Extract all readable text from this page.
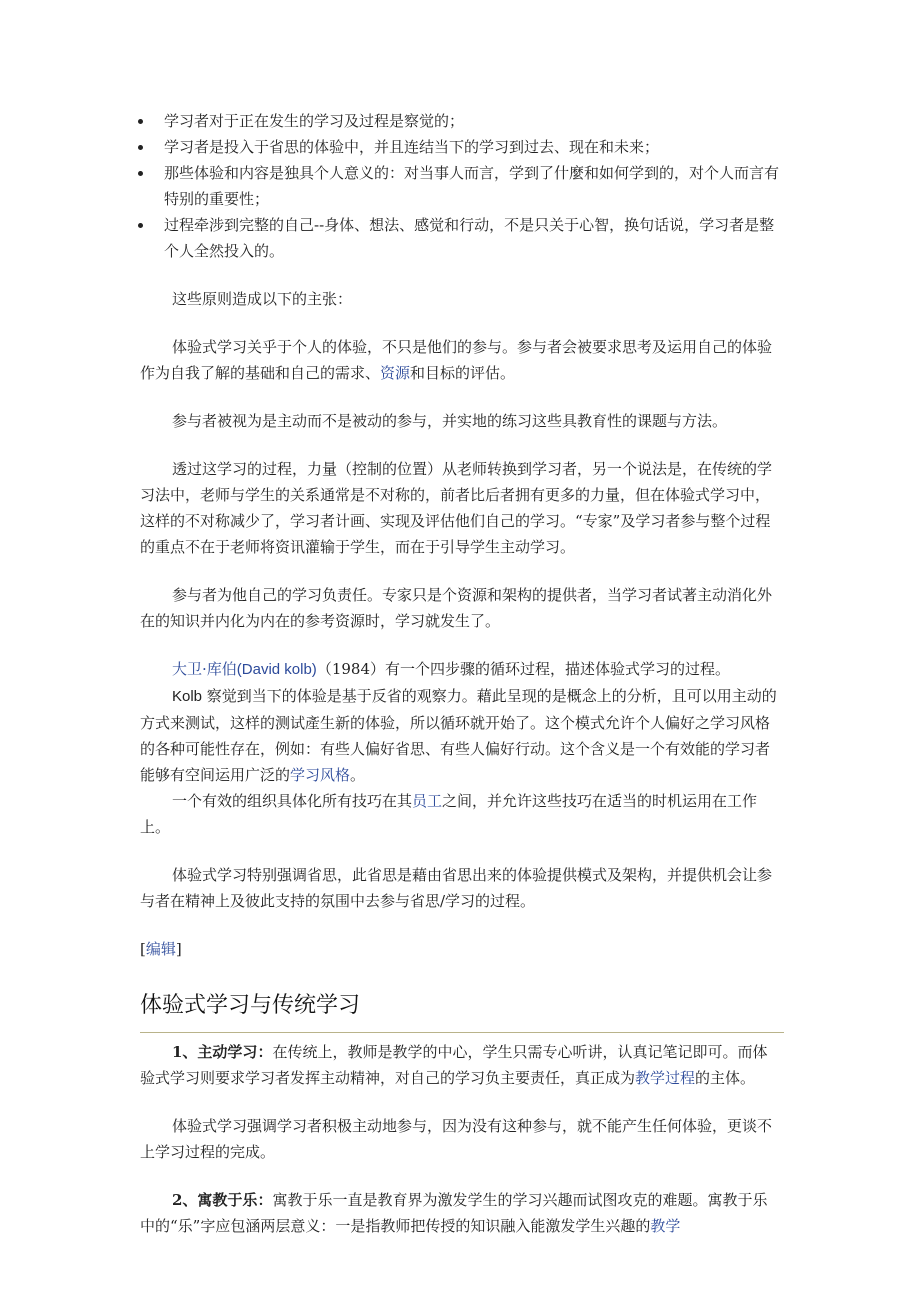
学习者对于正在发生的学习及过程是察觉的；
学习者是投入于省思的体验中，并且连结当下的学习到过去、现在和未来；
那些体验和内容是独具个人意义的：对当事人而言，学到了什麼和如何学到的，对个人而言有特别的重要性；
过程牵涉到完整的自己--身体、想法、感觉和行动，不是只关于心智，换句话说，学习者是整个人全然投入的。

这些原则造成以下的主张：

体验式学习关乎于个人的体验，不只是他们的参与。参与者会被要求思考及运用自己的体验作为自我了解的基础和自己的需求、资源和目标的评估。

参与者被视为是主动而不是被动的参与，并实地的练习这些具教育性的课题与方法。

透过这学习的过程，力量（控制的位置）从老师转换到学习者，另一个说法是，在传统的学习法中，老师与学生的关系通常是不对称的，前者比后者拥有更多的力量，但在体验式学习中，这样的不对称减少了，学习者计画、实现及评估他们自己的学习。“专家”及学习者参与整个过程的重点不在于老师将资讯灌输于学生，而在于引导学生主动学习。

参与者为他自己的学习负责任。专家只是个资源和架构的提供者，当学习者试著主动消化外在的知识并内化为内在的参考资源时，学习就发生了。

大卫·库伯(David kolb)（1984）有一个四步骤的循环过程，描述体验式学习的过程。

Kolb 察觉到当下的体验是基于反省的观察力。藉此呈现的是概念上的分析，且可以用主动的方式来测试，这样的测试產生新的体验，所以循环就开始了。这个模式允许个人偏好之学习风格的各种可能性存在，例如：有些人偏好省思、有些人偏好行动。这个含义是一个有效能的学习者能够有空间运用广泛的学习风格。

一个有效的组织具体化所有技巧在其员工之间，并允许这些技巧在适当的时机运用在工作上。

体验式学习特别强调省思，此省思是藉由省思出来的体验提供模式及架构，并提供机会让参与者在精神上及彼此支持的氛围中去参与省思/学习的过程。

[编辑]

体验式学习与传统学习

1、主动学习：在传统上，教师是教学的中心，学生只需专心听讲，认真记笔记即可。而体验式学习则要求学习者发挥主动精神，对自己的学习负主要责任，真正成为教学过程的主体。

体验式学习强调学习者积极主动地参与，因为没有这种参与，就不能产生任何体验，更谈不上学习过程的完成。

2、寓教于乐：寓教于乐一直是教育界为激发学生的学习兴趣而试图攻克的难题。寓教于乐中的“乐”字应包涵两层意义：一是指教师把传授的知识融入能激发学生兴趣的教学
